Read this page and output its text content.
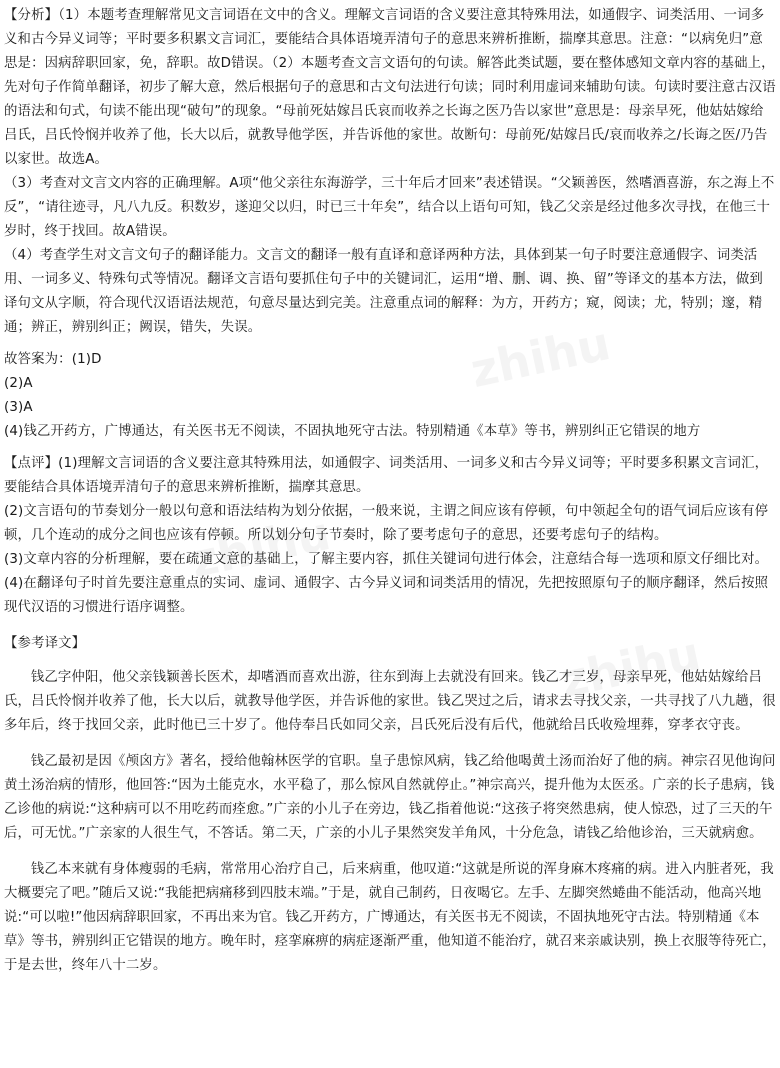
zhihu
zhihu
zhihu

【分析】（1）本题考查理解常见文言词语在文中的含义。理解文言词语的含义要注意其特殊用法，如通假字、词类活用、一词多义和古今异义词等；平时要多积累文言词汇，要能结合具体语境弄清句子的意思来辨析推断，揣摩其意思。注意：“以病免归”意思是：因病辞职回家，免，辞职。故D错误。（2）本题考查文言文语句的句读。解答此类试题，要在整体感知文章内容的基础上，先对句子作简单翻译，初步了解大意，然后根据句子的意思和古文句法进行句读；同时利用虚词来辅助句读。句读时要注意古汉语的语法和句式，句读不能出现“破句”的现象。“母前死姑嫁吕氏哀而收养之长诲之医乃告以家世”意思是：母亲早死，他姑姑嫁给吕氏，吕氏怜悯并收养了他，长大以后，就教导他学医，并告诉他的家世。故断句：母前死/姑嫁吕氏/哀而收养之/长诲之医/乃告以家世。故选A。

（3）考查对文言文内容的正确理解。A项“他父亲往东海游学，三十年后才回来”表述错误。“父颖善医，然嗜酒喜游，东之海上不反”，“请往迹寻，凡八九反。积数岁，遂迎父以归，时已三十年矣”，结合以上语句可知，钱乙父亲是经过他多次寻找，在他三十岁时，终于找回。故A错误。

（4）考查学生对文言文句子的翻译能力。文言文的翻译一般有直译和意译两种方法，具体到某一句子时要注意通假字、词类活用、一词多义、特殊句式等情况。翻译文言语句要抓住句子中的关键词汇，运用“增、删、调、换、留”等译文的基本方法，做到译句文从字顺，符合现代汉语语法规范，句意尽量达到完美。注意重点词的解释：为方，开药方；窥，阅读；尤，特别；邃，精通；辨正，辨别纠正；阙误，错失，失误。

故答案为：(1)D
(2)A
(3)A
(4)钱乙开药方，广博通达，有关医书无不阅读，不固执地死守古法。特别精通《本草》等书，辨别纠正它错误的地方

【点评】(1)理解文言词语的含义要注意其特殊用法，如通假字、词类活用、一词多义和古今异义词等；平时要多积累文言词汇，要能结合具体语境弄清句子的意思来辨析推断，揣摩其意思。

(2)文言语句的节奏划分一般以句意和语法结构为划分依据，一般来说，主谓之间应该有停顿，句中领起全句的语气词后应该有停顿，几个连动的成分之间也应该有停顿。所以划分句子节奏时，除了要考虑句子的意思，还要考虑句子的结构。

(3)文章内容的分析理解，要在疏通文意的基础上，了解主要内容，抓住关键词句进行体会，注意结合每一选项和原文仔细比对。

(4)在翻译句子时首先要注意重点的实词、虚词、通假字、古今异义词和词类活用的情况，先把按照原句子的顺序翻译，然后按照现代汉语的习惯进行语序调整。

【参考译文】

钱乙字仲阳，他父亲钱颖善长医术，却嗜酒而喜欢出游，往东到海上去就没有回来。钱乙才三岁，母亲早死，他姑姑嫁给吕氏，吕氏怜悯并收养了他，长大以后，就教导他学医，并告诉他的家世。钱乙哭过之后，请求去寻找父亲，一共寻找了八九趟，很多年后，终于找回父亲，此时他已三十岁了。他侍奉吕氏如同父亲，吕氏死后没有后代，他就给吕氏收殓埋葬，穿孝衣守丧。

钱乙最初是因《颅囟方》著名，授给他翰林医学的官职。皇子患惊风病，钱乙给他喝黄土汤而治好了他的病。神宗召见他询问黄土汤治病的情形，他回答:“因为土能克水，水平稳了，那么惊风自然就停止。”神宗高兴，提升他为太医丞。广亲的长子患病，钱乙诊他的病说:“这种病可以不用吃药而痊愈。”广亲的小儿子在旁边，钱乙指着他说:“这孩子将突然患病，使人惊恐，过了三天的午后，可无忧。”广亲家的人很生气，不答话。第二天，广亲的小儿子果然突发羊角风，十分危急，请钱乙给他诊治，三天就病愈。

钱乙本来就有身体瘦弱的毛病，常常用心治疗自己，后来病重，他叹道:“这就是所说的浑身麻木疼痛的病。进入内脏者死，我大概要完了吧。”随后又说:“我能把病痛移到四肢末端。”于是，就自己制药，日夜喝它。左手、左脚突然蜷曲不能活动，他高兴地说:“可以啦!”他因病辞职回家，不再出来为官。钱乙开药方，广博通达，有关医书无不阅读，不固执地死守古法。特别精通《本草》等书，辨别纠正它错误的地方。晚年时，痉挛麻痹的病症逐渐严重，他知道不能治疗，就召来亲戚诀别，换上衣服等待死亡，于是去世，终年八十二岁。
